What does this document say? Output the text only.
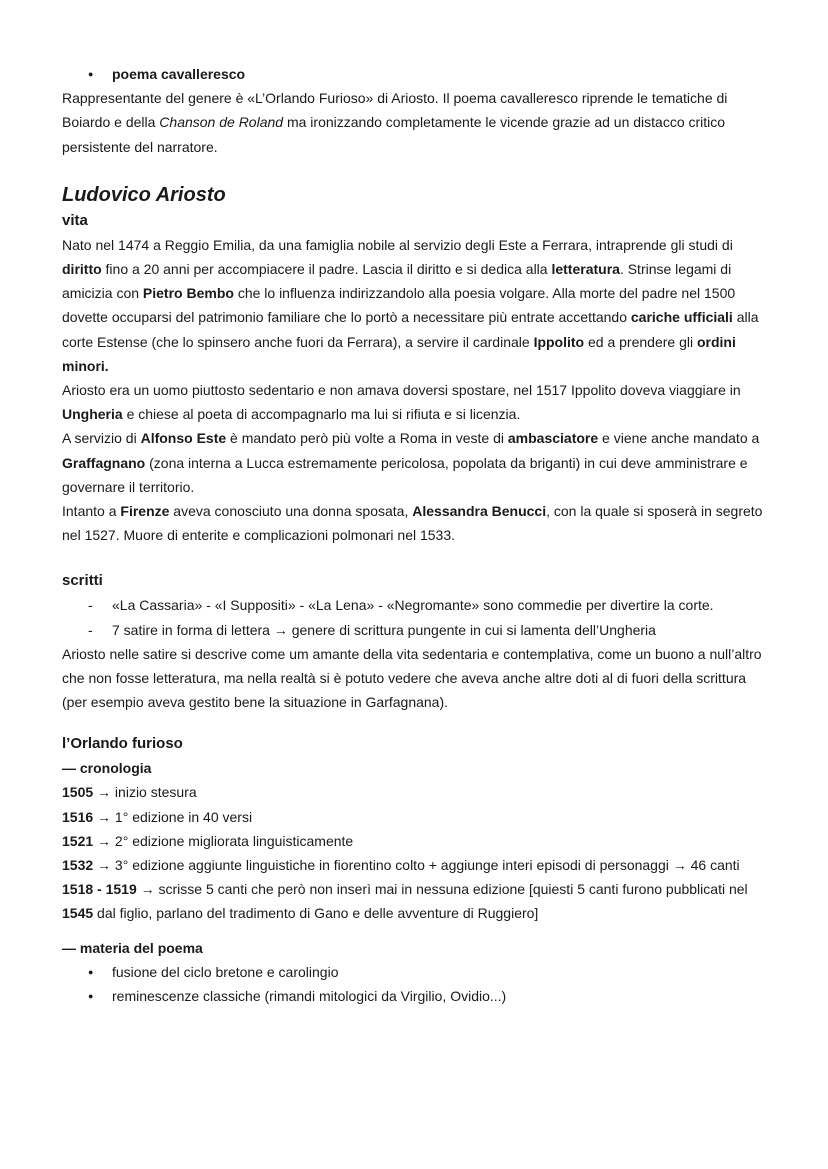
● poema cavalleresco

Rappresentante del genere è «L’Orlando Furioso» di Ariosto. Il poema cavalleresco riprende le tematiche di Boiardo e della Chanson de Roland ma ironizzando completamente le vicende grazie ad un distacco critico persistente del narratore.

Ludovico Ariosto
vita

Nato nel 1474 a Reggio Emilia, da una famiglia nobile al servizio degli Este a Ferrara, intraprende gli studi di diritto fino a 20 anni per accompiacere il padre. Lascia il diritto e si dedica alla letteratura. Strinse legami di amicizia con Pietro Bembo che lo influenza indirizzandolo alla poesia volgare. Alla morte del padre nel 1500 dovette occuparsi del patrimonio familiare che lo portò a necessitare più entrate accettando cariche ufficiali alla corte Estense (che lo spinsero anche fuori da Ferrara), a servire il cardinale Ippolito ed a prendere gli ordini minori.

Ariosto era un uomo piuttosto sedentario e non amava doversi spostare, nel 1517 Ippolito doveva viaggiare in Ungheria e chiese al poeta di accompagnarlo ma lui si rifiuta e si licenzia.

A servizio di Alfonso Este è mandato però più volte a Roma in veste di ambasciatore e viene anche mandato a Graffagnano (zona interna a Lucca estremamente pericolosa, popolata da briganti) in cui deve amministrare e governare il territorio.

Intanto a Firenze aveva conosciuto una donna sposata, Alessandra Benucci, con la quale si sposerà in segreto nel 1527. Muore di enterite e complicazioni polmonari nel 1533.

scritti
- «La Cassaria» - «I Suppositi» - «La Lena» - «Negromante» sono commedie per divertire la corte.
- 7 satire in forma di lettera → genere di scrittura pungente in cui si lamenta dell’Ungheria

Ariosto nelle satire si descrive come um amante della vita sedentaria e contemplativa, come un buono a null’altro che non fosse letteratura, ma nella realtà si è potuto vedere che aveva anche altre doti al di fuori della scrittura (per esempio aveva gestito bene la situazione in Garfagnana).

l’Orlando furioso
— cronologia

1505 → inizio stesura

1516 → 1° edizione in 40 versi

1521 → 2° edizione migliorata linguisticamente

1532 → 3° edizione aggiunte linguistiche in fiorentino colto + aggiunge interi episodi di personaggi → 46 canti

1518 - 1519 → scrisse 5 canti che però non inserì mai in nessuna edizione [quiesti 5 canti furono pubblicati nel 1545 dal figlio, parlano del tradimento di Gano e delle avventure di Ruggiero]

— materia del poema
● fusione del ciclo bretone e carolingio
● reminescenze classiche (rimandi mitologici da Virgilio, Ovidio...)
